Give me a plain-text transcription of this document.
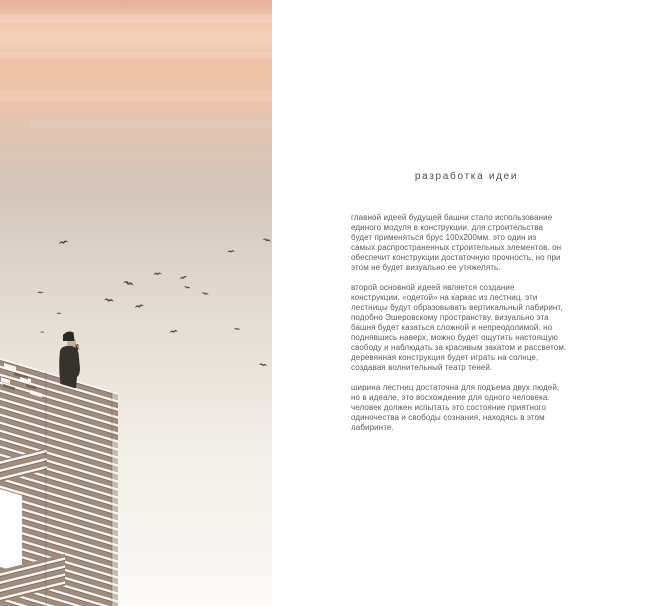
разработка идеи
главной идеей будущей башни стало использование
единого модуля в конструкции. для строительства
будет применяться брус 100x200мм. это один из
самых распространенных строительных элементов. он
обеспечит конструкции достаточную прочность, но при
этом не будет визуально ее утяжелять.
второй основной идеей является создание
конструкции, «одетой» на каркас из лестниц. эти
лестницы будут образовывать вертикальный лабиринт,
подобно Эшеровскому пространству. визуально эта
башня будет казаться сложной и непреодолимой. но
поднявшись наверх, можно будет ощутить настоящую
свободу и наблюдать за красивым закатом и рассветом.
деревянная конструкция будет играть на солнце,
создавая волнительный театр теней.
ширина лестниц достаточна для подъема двух людей,
но в идеале, это восхождение для одного человека.
человек должен испытать это состояние приятного
одиночества и свободы сознания, находясь в этом
лабиринте.
